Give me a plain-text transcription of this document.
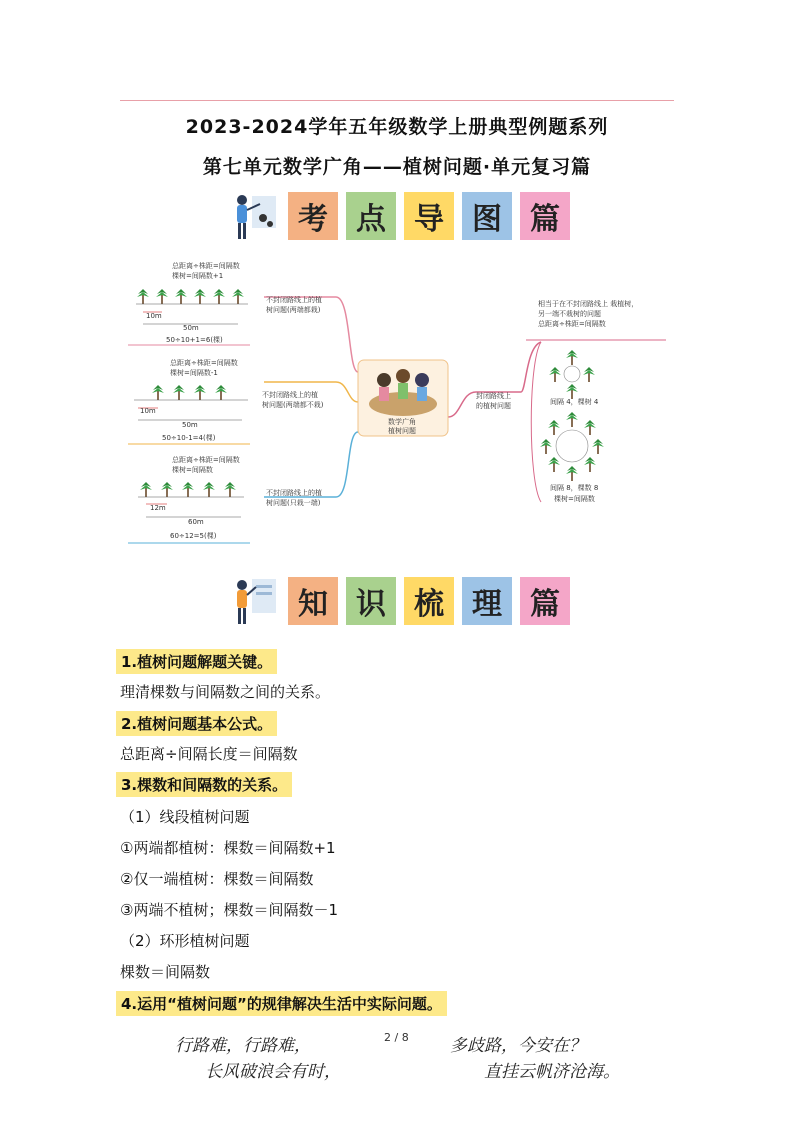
2023-2024学年五年级数学上册典型例题系列
第七单元数学广角——植树问题·单元复习篇
考 点 导 图 篇
总距离÷株距=间隔数
棵树=间隔数+1
10m
50m
50÷10+1=6(棵)
不封闭路线上的植
树问题(两端都栽)
总距离÷株距=间隔数
棵树=间隔数-1
10m
50m
50÷10-1=4(棵)
不封闭路线上的植
树问题(两端都不栽)
总距离÷株距=间隔数
棵树=间隔数
12m
60m
60÷12=5(棵)
不封闭路线上的植
树问题(只栽一端)
数学广角
植树问题
封闭路线上
的植树问题
相当于在不封闭路线上 栽植树，
另一端不栽树的问题
总距离÷株距=间隔数
间隔 4，棵树 4
间隔 8，棵数 8
棵树=间隔数
知 识 梳 理 篇
1.植树问题解题关键。
理清棵数与间隔数之间的关系。
2.植树问题基本公式。
总距离÷间隔长度＝间隔数
3.棵数和间隔数的关系。
（1）线段植树问题
①两端都植树：棵数＝间隔数+1
②仅一端植树：棵数＝间隔数
③两端不植树；棵数＝间隔数－1
（2）环形植树问题
棵数＝间隔数
4.运用“植树问题”的规律解决生活中实际问题。
行路难，行路难，	多歧路，今安在？
长风破浪会有时，	直挂云帆济沧海。
2 / 8
